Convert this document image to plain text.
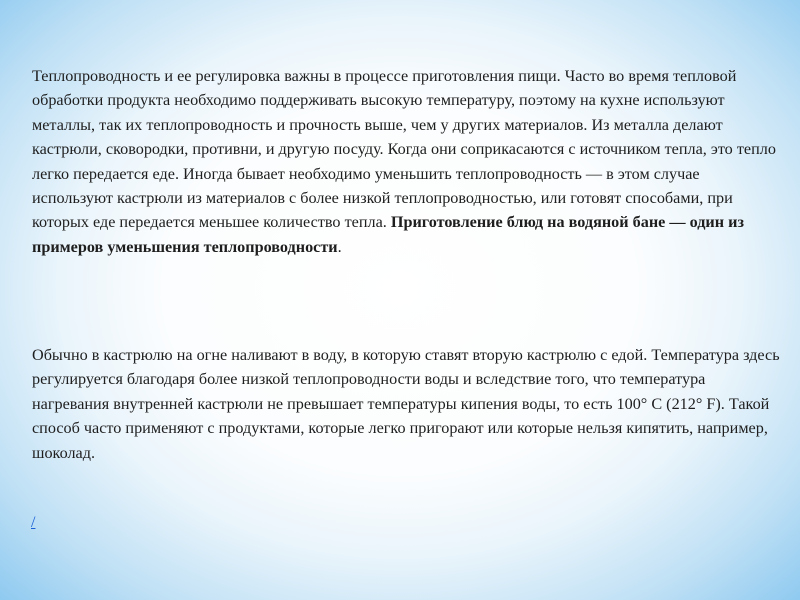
Теплопроводность и ее регулировка важны в процессе приготовления пищи. Часто во время тепловой обработки продукта необходимо поддерживать высокую температуру, поэтому на кухне используют металлы, так их теплопроводность и прочность выше, чем у других материалов. Из металла делают кастрюли, сковородки, противни, и другую посуду. Когда они соприкасаются с источником тепла, это тепло легко передается еде. Иногда бывает необходимо уменьшить теплопроводность — в этом случае используют кастрюли из материалов с более низкой теплопроводностью, или готовят способами, при которых еде передается меньшее количество тепла. Приготовление блюд на водяной бане — один из примеров уменьшения теплопроводности.

Обычно в кастрюлю на огне наливают в воду, в которую ставят вторую кастрюлю с едой. Температура здесь регулируется благодаря более низкой теплопроводности воды и вследствие того, что температура нагревания внутренней кастрюли не превышает температуры кипения воды, то есть 100° C (212° F). Такой способ часто применяют с продуктами, которые легко пригорают или которые нельзя кипятить, например, шоколад.

/
